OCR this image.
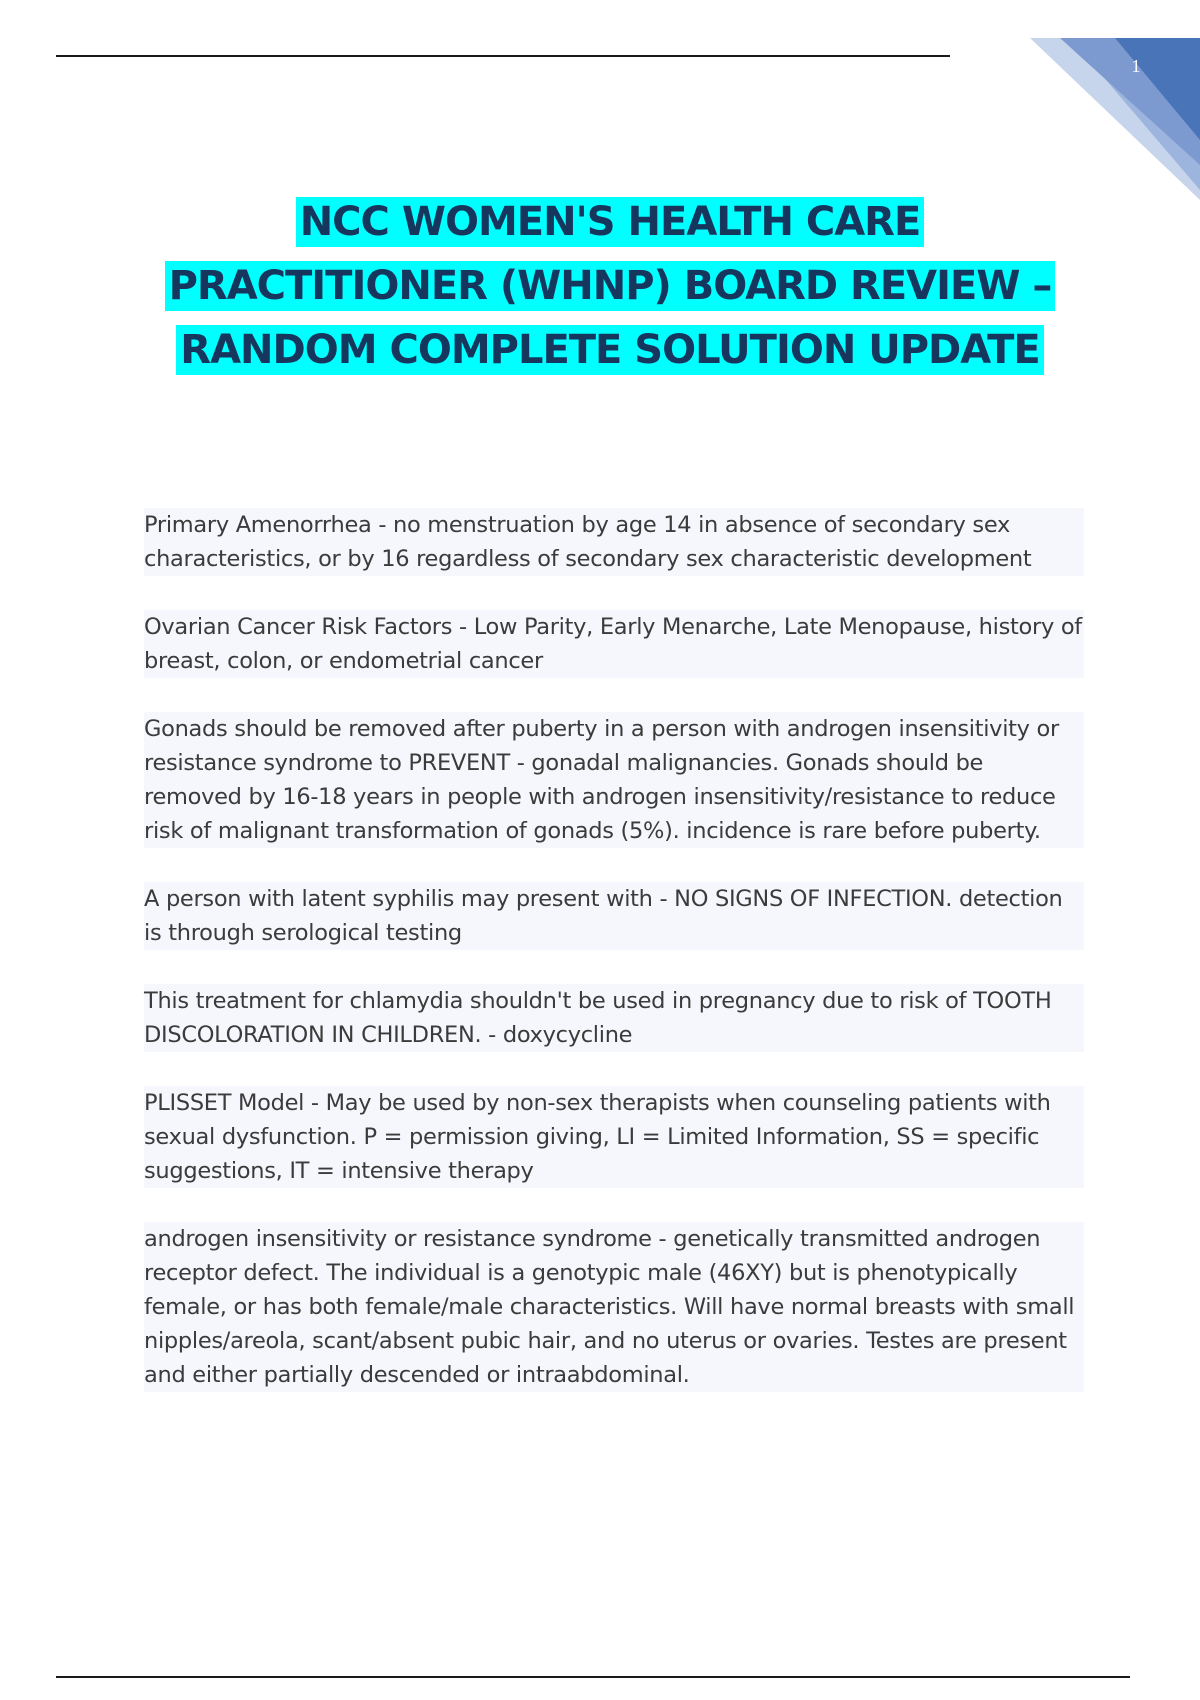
1
NCC WOMEN'S HEALTH CARE
PRACTITIONER (WHNP) BOARD REVIEW –
RANDOM COMPLETE SOLUTION UPDATE

Primary Amenorrhea - no menstruation by age 14 in absence of secondary sex characteristics, or by 16 regardless of secondary sex characteristic development

Ovarian Cancer Risk Factors - Low Parity, Early Menarche, Late Menopause, history of breast, colon, or endometrial cancer

Gonads should be removed after puberty in a person with androgen insensitivity or resistance syndrome to PREVENT - gonadal malignancies. Gonads should be removed by 16-18 years in people with androgen insensitivity/resistance to reduce risk of malignant transformation of gonads (5%). incidence is rare before puberty.

A person with latent syphilis may present with - NO SIGNS OF INFECTION. detection is through serological testing

This treatment for chlamydia shouldn't be used in pregnancy due to risk of TOOTH DISCOLORATION IN CHILDREN. - doxycycline

PLISSET Model - May be used by non-sex therapists when counseling patients with sexual dysfunction. P = permission giving, LI = Limited Information, SS = specific suggestions, IT = intensive therapy

androgen insensitivity or resistance syndrome - genetically transmitted androgen receptor defect. The individual is a genotypic male (46XY) but is phenotypically female, or has both female/male characteristics. Will have normal breasts with small nipples/areola, scant/absent pubic hair, and no uterus or ovaries. Testes are present and either partially descended or intraabdominal.
